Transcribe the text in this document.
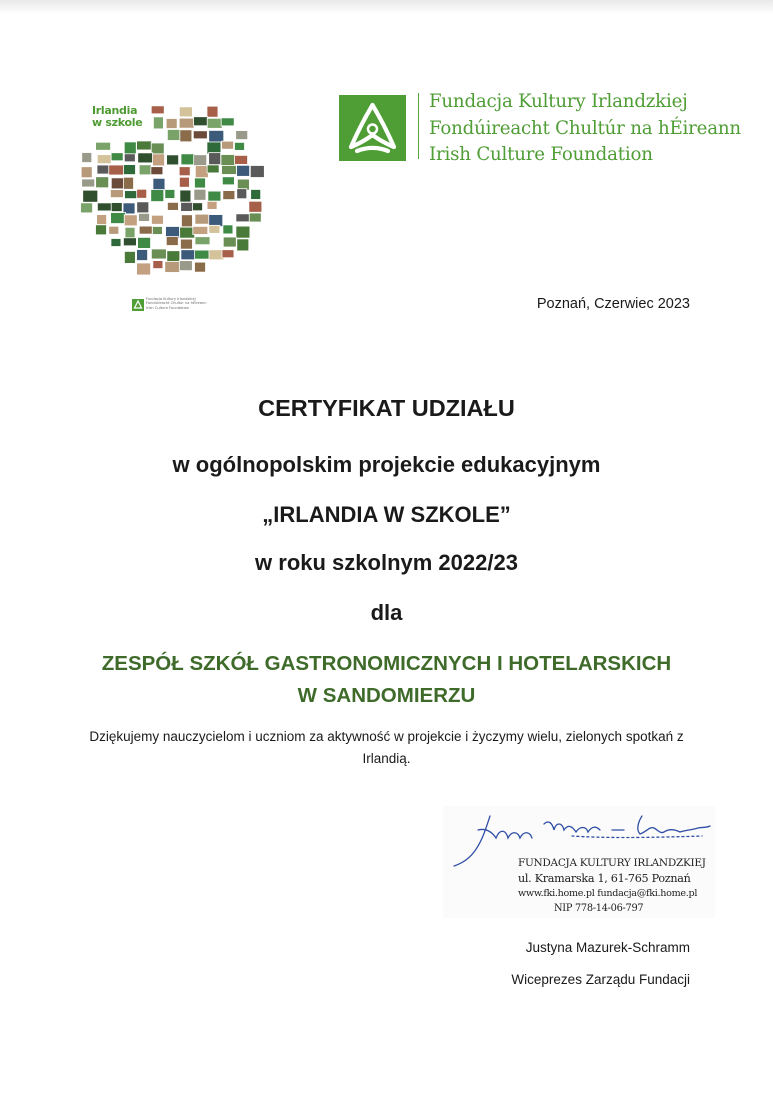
Irlandia
w szkole
Fundacja Kultury Irlandzkiej
Fondúireacht Chultúr na hÉireann
Irish Culture Foundation
Fundacja Kultury Irlandzkiej
Fondúireacht Chultúr na hÉireann
Irish Culture Foundation
Poznań, Czerwiec 2023
CERTYFIKAT UDZIAŁU
w ogólnopolskim projekcie edukacyjnym
„IRLANDIA W SZKOLE”
w roku szkolnym 2022/23
dla
ZESPÓŁ SZKÓŁ GASTRONOMICZNYCH I HOTELARSKICH
W SANDOMIERZU
Dziękujemy nauczycielom i uczniom za aktywność w projekcie i życzymy wielu, zielonych spotkań z Irlandią.
FUNDACJA KULTURY IRLANDZKIEJ
ul. Kramarska 1, 61-765 Poznań
www.fki.home.pl fundacja@fki.home.pl
NIP 778-14-06-797
Justyna Mazurek-Schramm
Wiceprezes Zarządu Fundacji
